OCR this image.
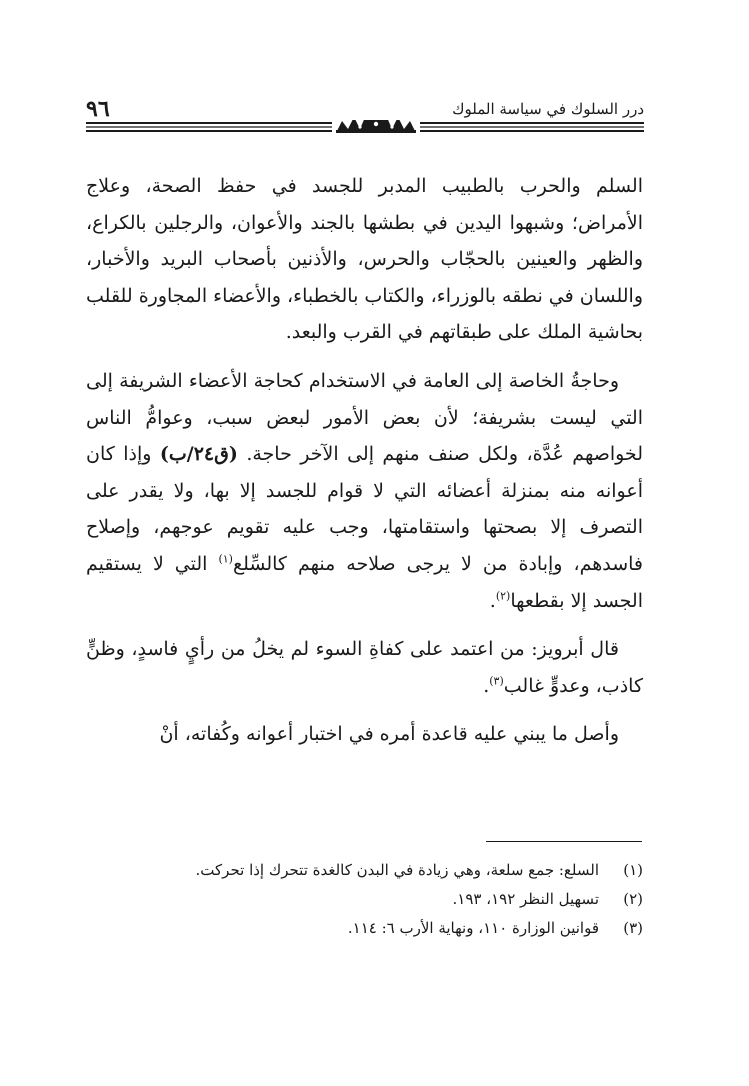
٩٦	درر السلوك في سياسة الملوك

السلم والحرب بالطبيب المدبر للجسد في حفظ الصحة، وعلاج الأمراض؛ وشبهوا اليدين في بطشها بالجند والأعوان، والرجلين بالكراع، والظهر والعينين بالحجّاب والحرس، والأذنين بأصحاب البريد والأخبار، واللسان في نطقه بالوزراء، والكتاب بالخطباء، والأعضاء المجاورة للقلب بحاشية الملك على طبقاتهم في القرب والبعد.

وحاجةُ الخاصة إلى العامة في الاستخدام كحاجة الأعضاء الشريفة إلى التي ليست بشريفة؛ لأن بعض الأمور لبعض سبب، وعوامُّ الناس لخواصهم عُدَّة، ولكل صنف منهم إلى الآخر حاجة. (ق٢٤/ب) وإذا كان أعوانه منه بمنزلة أعضائه التي لا قوام للجسد إلا بها، ولا يقدر على التصرف إلا بصحتها واستقامتها، وجب عليه تقويم عوجهم، وإصلاح فاسدهم، وإبادة من لا يرجى صلاحه منهم كالسِّلع$^{(١)}$ التي لا يستقيم الجسد إلا بقطعها$^{(٢)}$.

قال أبرويز: من اعتمد على كفاةِ السوء لم يخلُ من رأيٍ فاسدٍ، وظنٍّ كاذب، وعدوٍّ غالب$^{(٣)}$.

وأصل ما يبني عليه قاعدة أمره في اختبار أعوانه وكُفاته، أنْ

(١)
السلع: جمع سلعة، وهي زيادة في البدن كالغدة تتحرك إذا تحركت.
(٢)
تسهيل النظر ١٩٢، ١٩٣.
(٣)
قوانين الوزارة ١١٠، ونهاية الأرب ٦: ١١٤.
